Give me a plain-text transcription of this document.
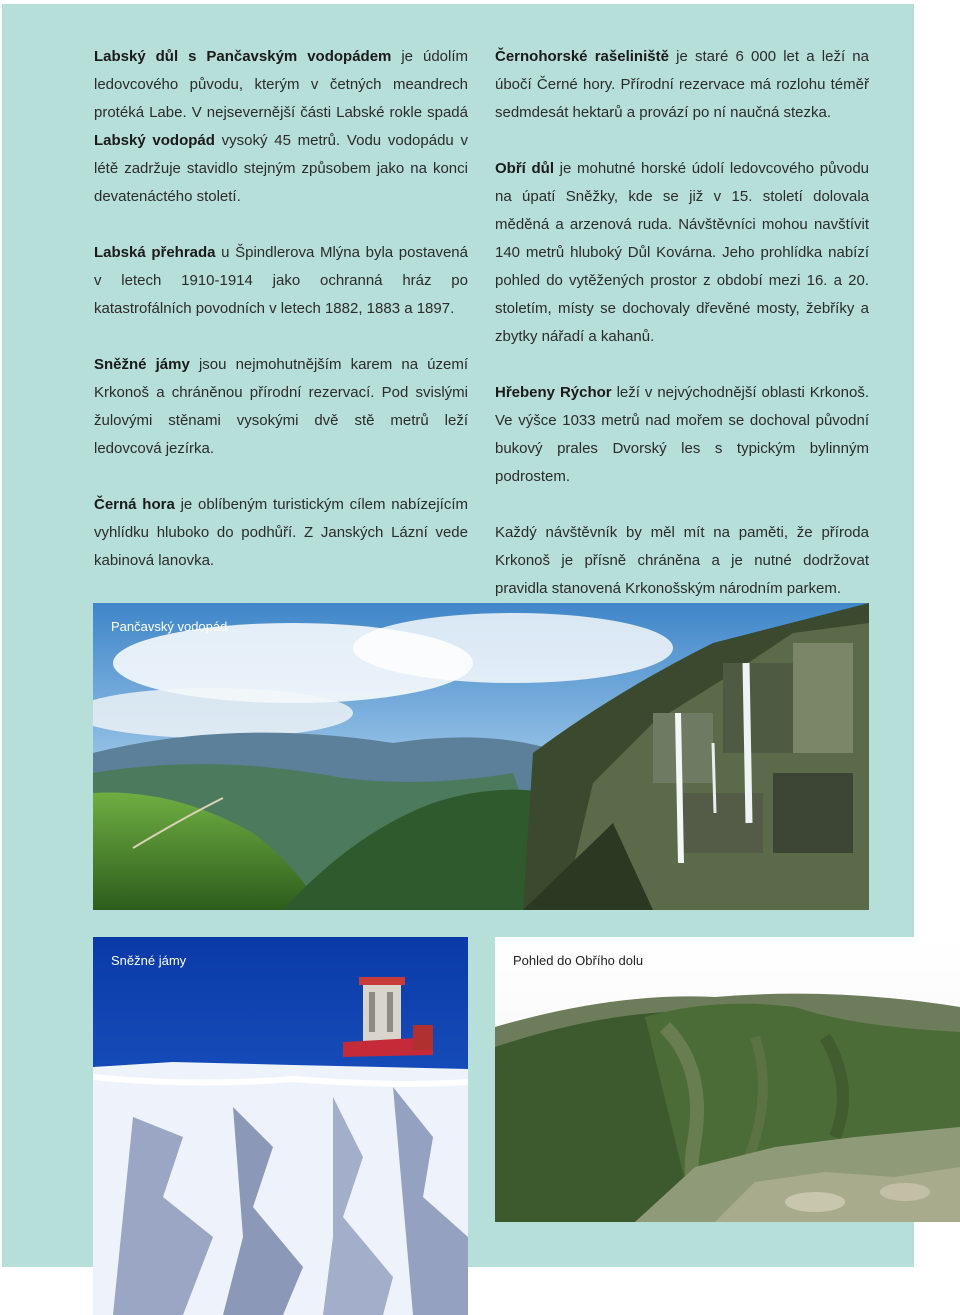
Labský důl s Pančavským vodopádem je údolím ledovcového původu, kterým v četných meandrech protéká Labe. V nejsevernější části Labské rokle spadá Labský vodopád vysoký 45 metrů. Vodu vodopádu v létě zadržuje stavidlo stejným způsobem jako na konci devatenáctého století.

Labská přehrada u Špindlerova Mlýna byla postavená v letech 1910-1914 jako ochranná hráz po katastrofálních povodních v letech 1882, 1883 a 1897.

Sněžné jámy jsou nejmohutnějším karem na území Krkonoš a chráněnou přírodní rezervací. Pod svislými žulovými stěnami vysokými dvě stě metrů leží ledovcová jezírka.

Černá hora je oblíbeným turistickým cílem nabízejícím vyhlídku hluboko do podhůří. Z Janských Lázní vede kabinová lanovka.

Černohorské rašeliniště je staré 6 000 let a leží na úbočí Černé hory. Přírodní rezervace má rozlohu téměř sedmdesát hektarů a provází po ní naučná stezka.

Obří důl je mohutné horské údolí ledovcového původu na úpatí Sněžky, kde se již v 15. století dolovala měděná a arzenová ruda. Návštěvníci mohou navštívit 140 metrů hluboký Důl Kovárna. Jeho prohlídka nabízí pohled do vytěžených prostor z období mezi 16. a 20. stoletím, místy se dochovaly dřevěné mosty, žebříky a zbytky nářadí a kahanů.

Hřebeny Rýchor leží v nejvýchodnější oblasti Krkonoš. Ve výšce 1033 metrů nad mořem se dochoval původní bukový prales Dvorský les s typickým bylinným podrostem.

Každý návštěvník by měl mít na paměti, že příroda Krkonoš je přísně chráněna a je nutné dodržovat pravidla stanovená Krkonošským národním parkem.

Pančavský vodopád
Sněžné jámy	Pohled do Obřího dolu
